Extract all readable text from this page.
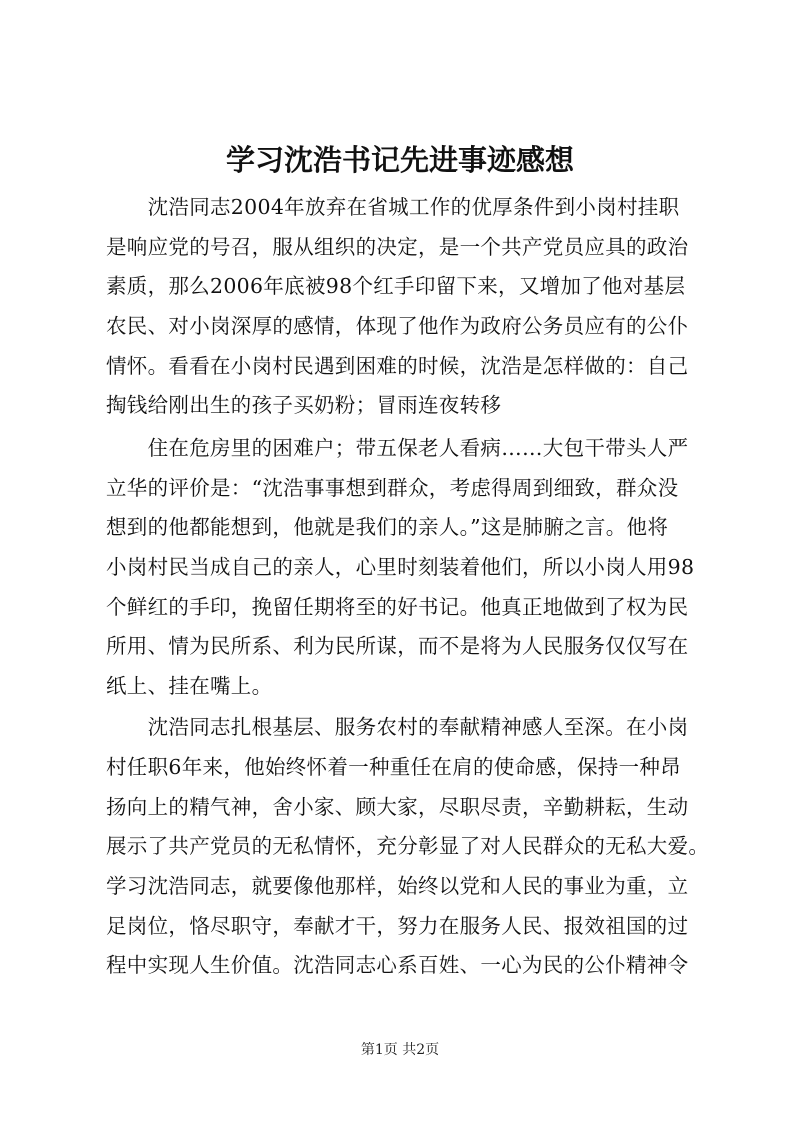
学习沈浩书记先进事迹感想

　　沈浩同志2004年放弃在省城工作的优厚条件到小岗村挂职

是响应党的号召，服从组织的决定，是一个共产党员应具的政治

素质，那么2006年底被98个红手印留下来，又增加了他对基层

农民、对小岗深厚的感情，体现了他作为政府公务员应有的公仆

情怀。看看在小岗村民遇到困难的时候，沈浩是怎样做的：自己

掏钱给刚出生的孩子买奶粉；冒雨连夜转移

　　住在危房里的困难户；带五保老人看病……大包干带头人严

立华的评价是：“沈浩事事想到群众，考虑得周到细致，群众没

想到的他都能想到，他就是我们的亲人。”这是肺腑之言。他将

小岗村民当成自己的亲人，心里时刻装着他们，所以小岗人用98

个鲜红的手印，挽留任期将至的好书记。他真正地做到了权为民

所用、情为民所系、利为民所谋，而不是将为人民服务仅仅写在

纸上、挂在嘴上。

　　沈浩同志扎根基层、服务农村的奉献精神感人至深。在小岗

村任职6年来，他始终怀着一种重任在肩的使命感，保持一种昂

扬向上的精气神，舍小家、顾大家，尽职尽责，辛勤耕耘，生动

展示了共产党员的无私情怀，充分彰显了对人民群众的无私大爱。

学习沈浩同志，就要像他那样，始终以党和人民的事业为重，立

足岗位，恪尽职守，奉献才干，努力在服务人民、报效祖国的过

程中实现人生价值。沈浩同志心系百姓、一心为民的公仆精神令

第1页 共2页
